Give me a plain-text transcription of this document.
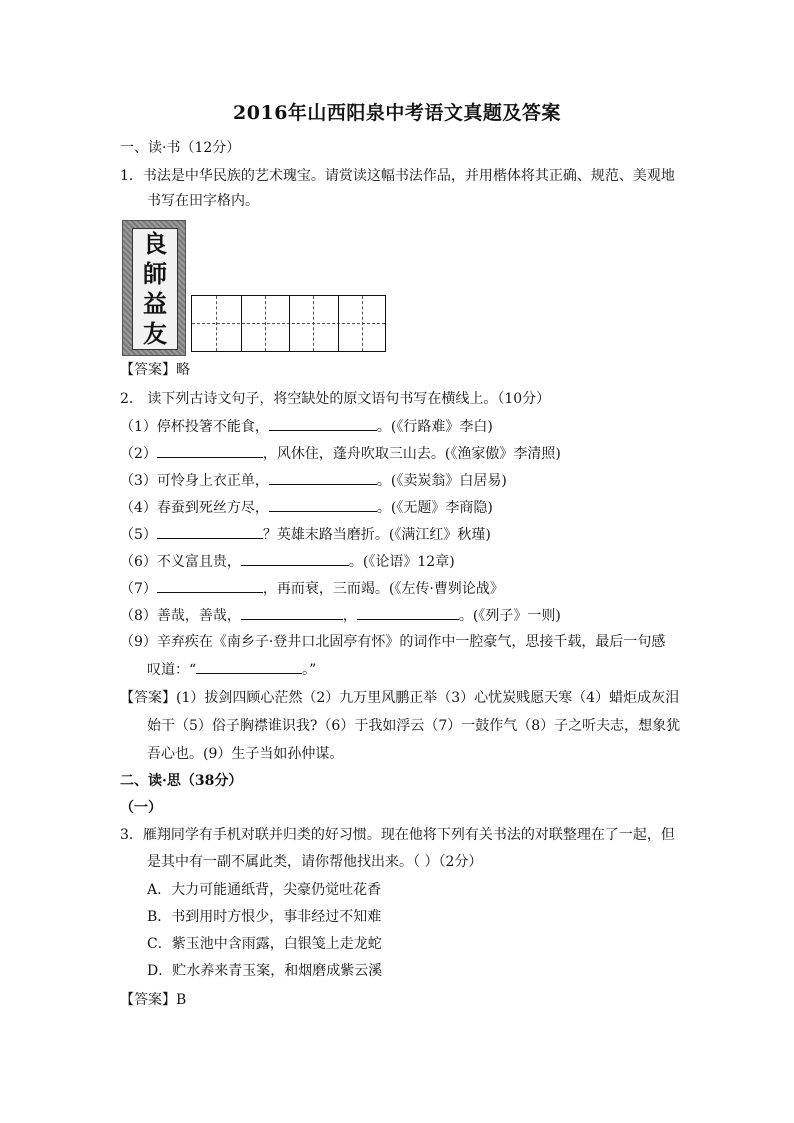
2016年山西阳泉中考语文真题及答案
一、读·书（12分）
1．书法是中华民族的艺术瑰宝。请赏读这幅书法作品，并用楷体将其正确、规范、美观地
书写在田字格内。
良
師
益
友
【答案】略
2． 读下列古诗文句子，将空缺处的原文语句书写在横线上。（10分）
（1）停杯投箸不能食，	。(《行路难》李白)
（2）	，风休住，蓬舟吹取三山去。(《渔家傲》李清照)
（3）可怜身上衣正单，	。(《卖炭翁》白居易)
（4）春蚕到死丝方尽，	。(《无题》李商隐)
（5）	？英雄末路当磨折。(《满江红》秋瑾)
（6）不义富且贵，	。(《论语》12章)
（7）	，再而衰，三而竭。(《左传·曹刿论战》
（8）善哉，善哉，	，	。(《列子》一则)
（9）辛弃疾在《南乡子·登井口北固亭有怀》的词作中一腔豪气，思接千载，最后一句感
叹道：“	。”
【答案】(1）拔剑四顾心茫然（2）九万里风鹏正举（3）心忧炭贱愿天寒（4）蜡炬成灰泪
始干（5）俗子胸襟谁识我?（6）于我如浮云（7）一鼓作气（8）子之听夫志，想象犹
吾心也。(9）生子当如孙仲谋。
二、读·思（38分）
（一）
3．雁翔同学有手机对联并归类的好习惯。现在他将下列有关书法的对联整理在了一起，但
是其中有一副不属此类，请你帮他找出来。（ ）（2分）
A．大力可能通纸背，尖豪仍觉吐花香
B．书到用时方恨少，事非经过不知难
C．紫玉池中含雨露，白银笺上走龙蛇
D．贮水养来青玉案，和烟磨成紫云溪
【答案】B
